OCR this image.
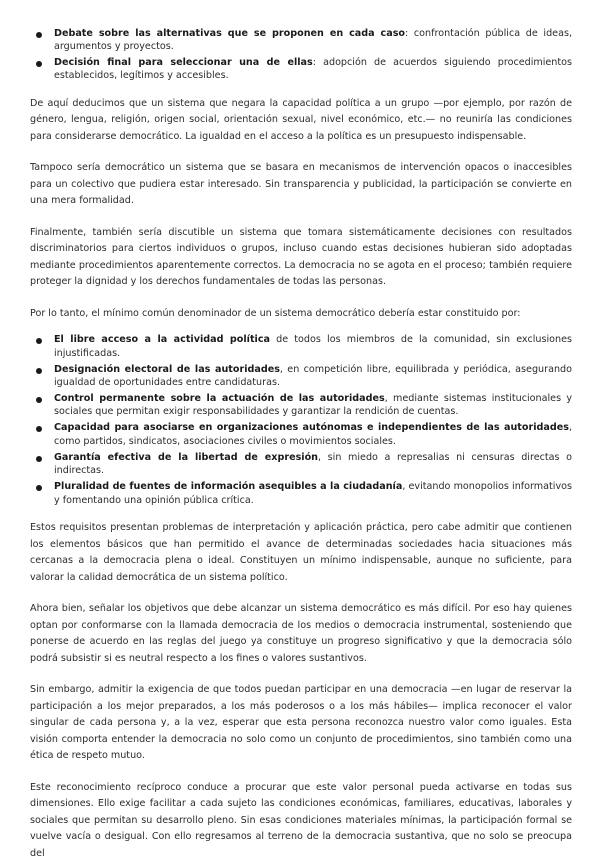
Debate sobre las alternativas que se proponen en cada caso: confrontación pública de ideas, argumentos y proyectos.
Decisión final para seleccionar una de ellas: adopción de acuerdos siguiendo procedimientos establecidos, legítimos y accesibles.

De aquí deducimos que un sistema que negara la capacidad política a un grupo —por ejemplo, por razón de género, lengua, religión, origen social, orientación sexual, nivel económico, etc.— no reuniría las condiciones para considerarse democrático. La igualdad en el acceso a la política es un presupuesto indispensable.

Tampoco sería democrático un sistema que se basara en mecanismos de intervención opacos o inaccesibles para un colectivo que pudiera estar interesado. Sin transparencia y publicidad, la participación se convierte en una mera formalidad.

Finalmente, también sería discutible un sistema que tomara sistemáticamente decisiones con resultados discriminatorios para ciertos individuos o grupos, incluso cuando estas decisiones hubieran sido adoptadas mediante procedimientos aparentemente correctos. La democracia no se agota en el proceso; también requiere proteger la dignidad y los derechos fundamentales de todas las personas.

Por lo tanto, el mínimo común denominador de un sistema democrático debería estar constituido por:

El libre acceso a la actividad política de todos los miembros de la comunidad, sin exclusiones injustificadas.
Designación electoral de las autoridades, en competición libre, equilibrada y periódica, asegurando igualdad de oportunidades entre candidaturas.
Control permanente sobre la actuación de las autoridades, mediante sistemas institucionales y sociales que permitan exigir responsabilidades y garantizar la rendición de cuentas.
Capacidad para asociarse en organizaciones autónomas e independientes de las autoridades, como partidos, sindicatos, asociaciones civiles o movimientos sociales.
Garantía efectiva de la libertad de expresión, sin miedo a represalias ni censuras directas o indirectas.
Pluralidad de fuentes de información asequibles a la ciudadanía, evitando monopolios informativos y fomentando una opinión pública crítica.

Estos requisitos presentan problemas de interpretación y aplicación práctica, pero cabe admitir que contienen los elementos básicos que han permitido el avance de determinadas sociedades hacia situaciones más cercanas a la democracia plena o ideal. Constituyen un mínimo indispensable, aunque no suficiente, para valorar la calidad democrática de un sistema político.

Ahora bien, señalar los objetivos que debe alcanzar un sistema democrático es más difícil. Por eso hay quienes optan por conformarse con la llamada democracia de los medios o democracia instrumental, sosteniendo que ponerse de acuerdo en las reglas del juego ya constituye un progreso significativo y que la democracia sólo podrá subsistir si es neutral respecto a los fines o valores sustantivos.

Sin embargo, admitir la exigencia de que todos puedan participar en una democracia —en lugar de reservar la participación a los mejor preparados, a los más poderosos o a los más hábiles— implica reconocer el valor singular de cada persona y, a la vez, esperar que esta persona reconozca nuestro valor como iguales. Esta visión comporta entender la democracia no solo como un conjunto de procedimientos, sino también como una ética de respeto mutuo.

Este reconocimiento recíproco conduce a procurar que este valor personal pueda activarse en todas sus dimensiones. Ello exige facilitar a cada sujeto las condiciones económicas, familiares, educativas, laborales y sociales que permitan su desarrollo pleno. Sin esas condiciones materiales mínimas, la participación formal se vuelve vacía o desigual. Con ello regresamos al terreno de la democracia sustantiva, que no solo se preocupa del
